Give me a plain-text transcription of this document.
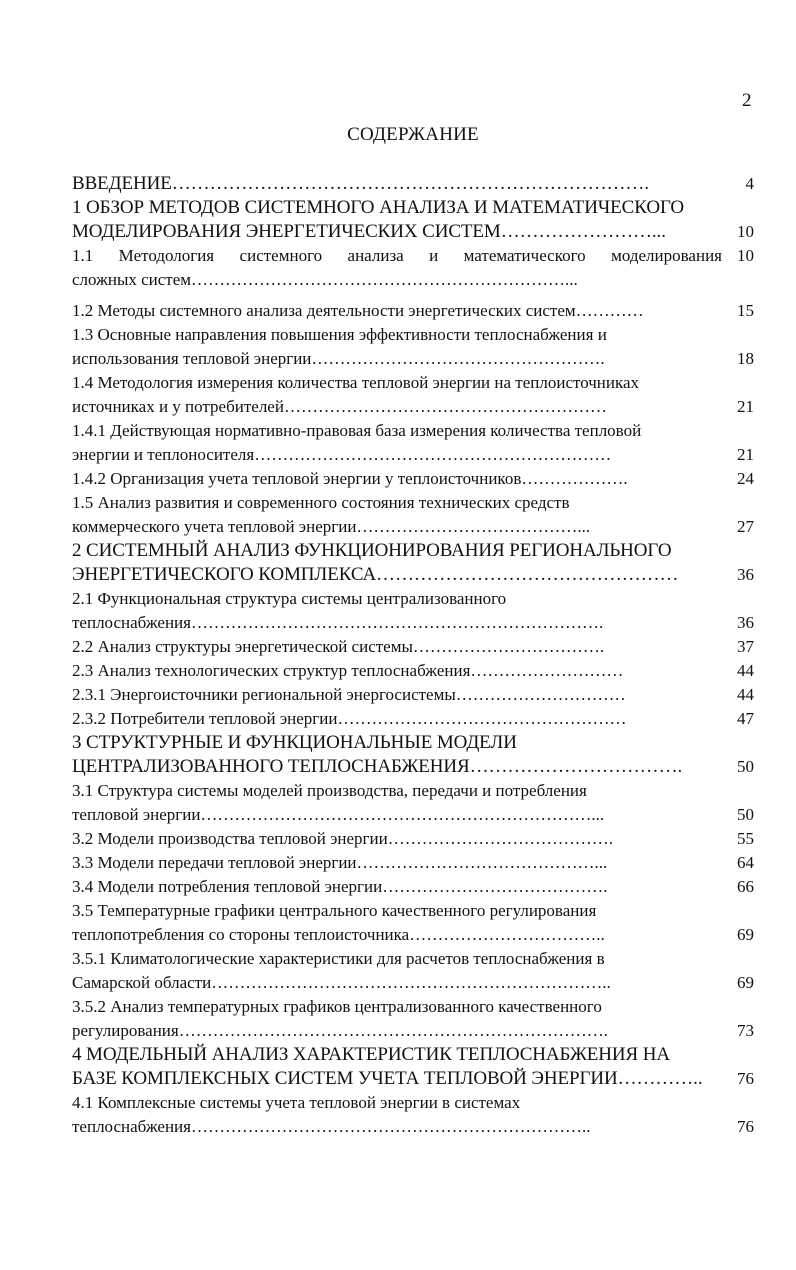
2
СОДЕРЖАНИЕ
ВВЕДЕНИЕ………………………………………………………………….	4
1 ОБЗОР МЕТОДОВ СИСТЕМНОГО АНАЛИЗА И МАТЕМАТИЧЕСКОГО
МОДЕЛИРОВАНИЯ ЭНЕРГЕТИЧЕСКИХ СИСТЕМ……………………...	10
1.1 Методология системного анализа и математического моделирования 10
сложных систем…………………………………………………………...
1.2 Методы системного анализа деятельности энергетических систем…………	15
1.3 Основные направления повышения эффективности теплоснабжения и
использования тепловой энергии…………………………………………….	18
1.4 Методология измерения количества тепловой энергии на теплоисточниках
источниках и у потребителей…………………………………………………	21
1.4.1 Действующая нормативно-правовая база измерения количества тепловой
энергии и теплоносителя………………………………………………………	21
1.4.2 Организация учета тепловой энергии у теплоисточников……………….	24
1.5 Анализ развития и современного состояния технических средств
коммерческого учета тепловой энергии…………………………………...	27
2 СИСТЕМНЫЙ АНАЛИЗ ФУНКЦИОНИРОВАНИЯ РЕГИОНАЛЬНОГО
ЭНЕРГЕТИЧЕСКОГО КОМПЛЕКСА…………………………………………	36
2.1 Функциональная структура системы централизованного
теплоснабжения……………………………………………………………….	36
2.2 Анализ структуры энергетической системы…………………………….	37
2.3 Анализ технологических структур теплоснабжения………………………	44
2.3.1 Энергоисточники региональной энергосистемы…………………………	44
2.3.2 Потребители тепловой энергии……………………………………………	47
3 СТРУКТУРНЫЕ И ФУНКЦИОНАЛЬНЫЕ МОДЕЛИ
ЦЕНТРАЛИЗОВАННОГО ТЕПЛОСНАБЖЕНИЯ…………………………….	50
3.1 Структура системы моделей производства, передачи и потребления
тепловой энергии……………………………………………………………...	50
3.2 Модели производства тепловой энергии………………………………….	55
3.3 Модели передачи тепловой энергии……………………………………...	64
3.4 Модели потребления тепловой энергии………………………………….	66
3.5 Температурные графики центрального качественного регулирования
теплопотребления со стороны теплоисточника……………………………..	69
3.5.1 Климатологические характеристики для расчетов теплоснабжения в
Самарской области……………………………………………………………..	69
3.5.2 Анализ температурных графиков централизованного качественного
регулирования………………………………………………………………….	73
4 МОДЕЛЬНЫЙ АНАЛИЗ ХАРАКТЕРИСТИК ТЕПЛОСНАБЖЕНИЯ НА
БАЗЕ КОМПЛЕКСНЫХ СИСТЕМ УЧЕТА ТЕПЛОВОЙ ЭНЕРГИИ…………..	76
4.1 Комплексные системы учета тепловой энергии в системах
теплоснабжения……………………………………………………………..	76
